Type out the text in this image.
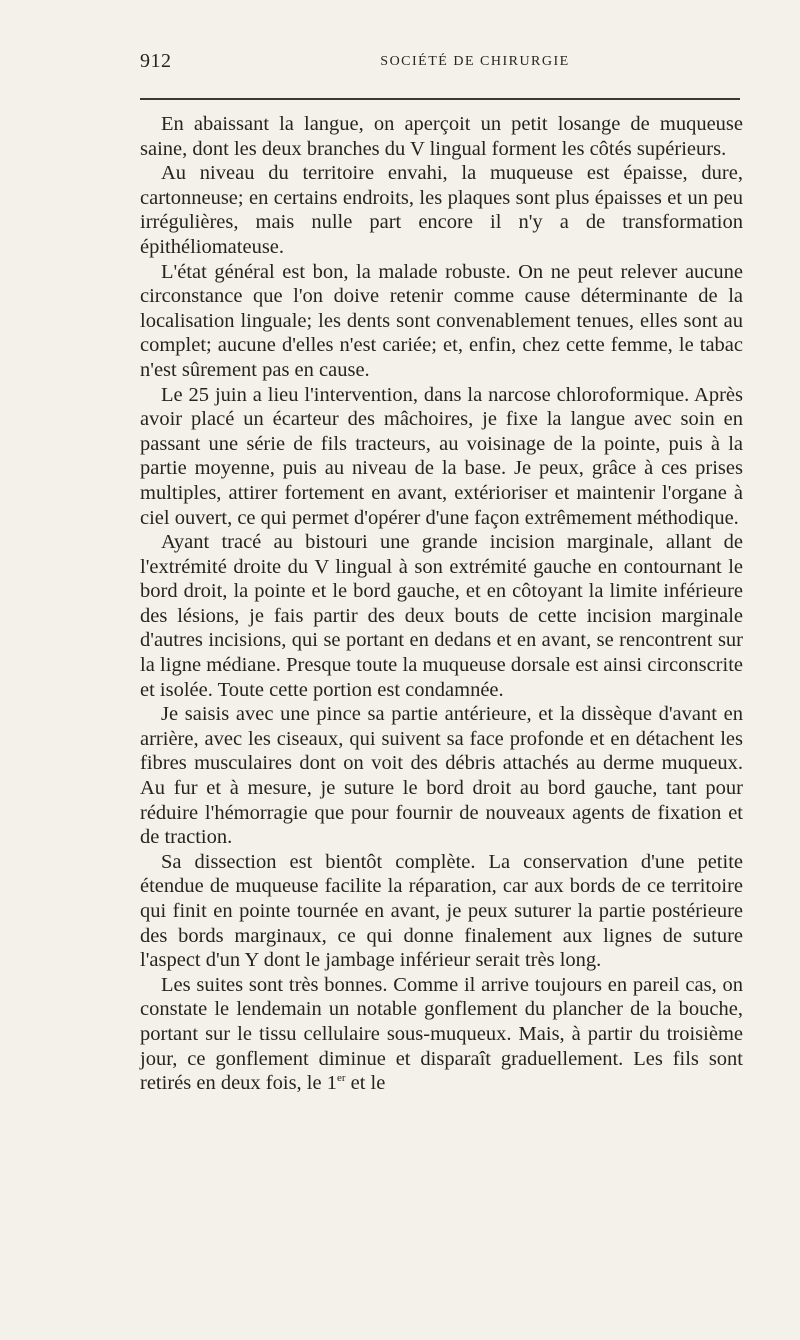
912	SOCIÉTÉ DE CHIRURGIE

En abaissant la langue, on aperçoit un petit losange de muqueuse saine, dont les deux branches du V lingual forment les côtés supérieurs.

Au niveau du territoire envahi, la muqueuse est épaisse, dure, cartonneuse; en certains endroits, les plaques sont plus épaisses et un peu irrégulières, mais nulle part encore il n'y a de transformation épithéliomateuse.

L'état général est bon, la malade robuste. On ne peut relever aucune circonstance que l'on doive retenir comme cause déterminante de la localisation linguale; les dents sont convenablement tenues, elles sont au complet; aucune d'elles n'est cariée; et, enfin, chez cette femme, le tabac n'est sûrement pas en cause.

Le 25 juin a lieu l'intervention, dans la narcose chloroformique. Après avoir placé un écarteur des mâchoires, je fixe la langue avec soin en passant une série de fils tracteurs, au voisinage de la pointe, puis à la partie moyenne, puis au niveau de la base. Je peux, grâce à ces prises multiples, attirer fortement en avant, extérioriser et maintenir l'organe à ciel ouvert, ce qui permet d'opérer d'une façon extrêmement méthodique.

Ayant tracé au bistouri une grande incision marginale, allant de l'extrémité droite du V lingual à son extrémité gauche en contournant le bord droit, la pointe et le bord gauche, et en côtoyant la limite inférieure des lésions, je fais partir des deux bouts de cette incision marginale d'autres incisions, qui se portant en dedans et en avant, se rencontrent sur la ligne médiane. Presque toute la muqueuse dorsale est ainsi circonscrite et isolée. Toute cette portion est condamnée.

Je saisis avec une pince sa partie antérieure, et la dissèque d'avant en arrière, avec les ciseaux, qui suivent sa face profonde et en détachent les fibres musculaires dont on voit des débris attachés au derme muqueux. Au fur et à mesure, je suture le bord droit au bord gauche, tant pour réduire l'hémorragie que pour fournir de nouveaux agents de fixation et de traction.

Sa dissection est bientôt complète. La conservation d'une petite étendue de muqueuse facilite la réparation, car aux bords de ce territoire qui finit en pointe tournée en avant, je peux suturer la partie postérieure des bords marginaux, ce qui donne finalement aux lignes de suture l'aspect d'un Y dont le jambage inférieur serait très long.

Les suites sont très bonnes. Comme il arrive toujours en pareil cas, on constate le lendemain un notable gonflement du plancher de la bouche, portant sur le tissu cellulaire sous-muqueux. Mais, à partir du troisième jour, ce gonflement diminue et disparaît graduellement. Les fils sont retirés en deux fois, le 1er et le
